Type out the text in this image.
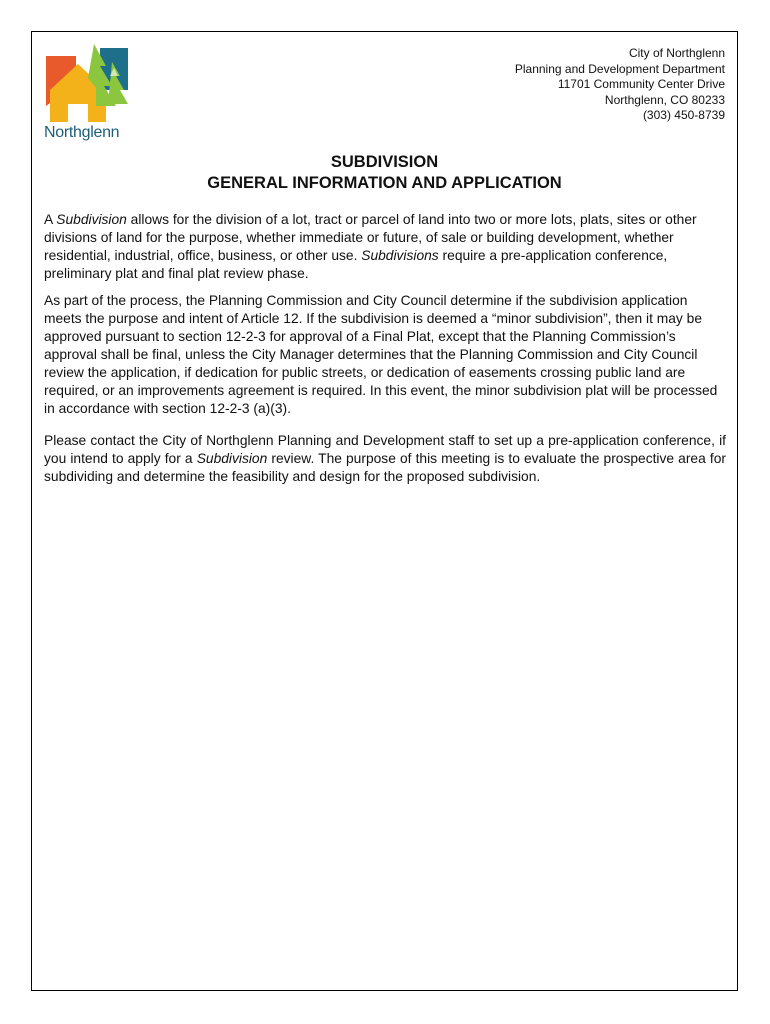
Northglenn
City of Northglenn
Planning and Development Department
11701 Community Center Drive
Northglenn, CO 80233
(303) 450-8739
SUBDIVISION
GENERAL INFORMATION AND APPLICATION

A Subdivision allows for the division of a lot, tract or parcel of land into two or more lots, plats, sites or other divisions of land for the purpose, whether immediate or future, of sale or building development, whether residential, industrial, office, business, or other use. Subdivisions require a pre-application conference, preliminary plat and final plat review phase.

As part of the process, the Planning Commission and City Council determine if the subdivision application meets the purpose and intent of Article 12. If the subdivision is deemed a “minor subdivision”, then it may be approved pursuant to section 12-2-3 for approval of a Final Plat, except that the Planning Commission’s approval shall be final, unless the City Manager determines that the Planning Commission and City Council review the application, if dedication for public streets, or dedication of easements crossing public land are required, or an improvements agreement is required. In this event, the minor subdivision plat will be processed in accordance with section 12-2-3 (a)(3).

Please contact the City of Northglenn Planning and Development staff to set up a pre-application conference, if you intend to apply for a Subdivision review. The purpose of this meeting is to evaluate the prospective area for subdividing and determine the feasibility and design for the proposed subdivision.
